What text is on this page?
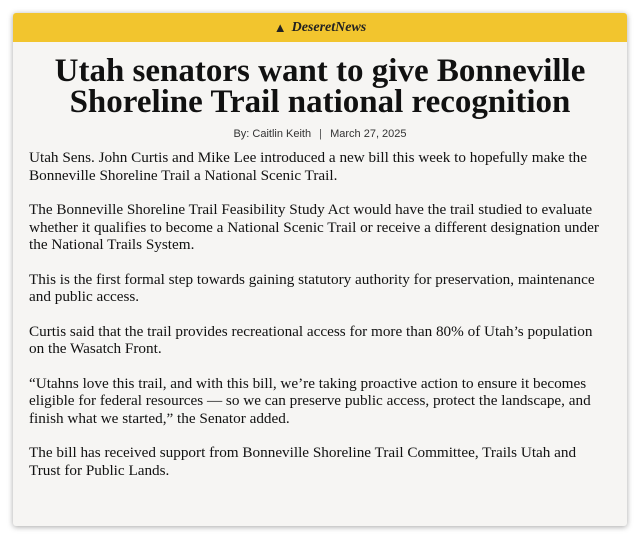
▲ DeseretNews
Utah senators want to give Bonneville Shoreline Trail national recognition
By: Caitlin Keith | March 27, 2025

Utah Sens. John Curtis and Mike Lee introduced a new bill this week to hopefully make the Bonneville Shoreline Trail a National Scenic Trail.

The Bonneville Shoreline Trail Feasibility Study Act would have the trail studied to evaluate whether it qualifies to become a National Scenic Trail or receive a different designation under the National Trails System.

This is the first formal step towards gaining statutory authority for preservation, maintenance and public access.

Curtis said that the trail provides recreational access for more than 80% of Utah’s population on the Wasatch Front.

“Utahns love this trail, and with this bill, we’re taking proactive action to ensure it becomes eligible for federal resources — so we can preserve public access, protect the landscape, and finish what we started,” the Senator added.

The bill has received support from Bonneville Shoreline Trail Committee, Trails Utah and Trust for Public Lands.
